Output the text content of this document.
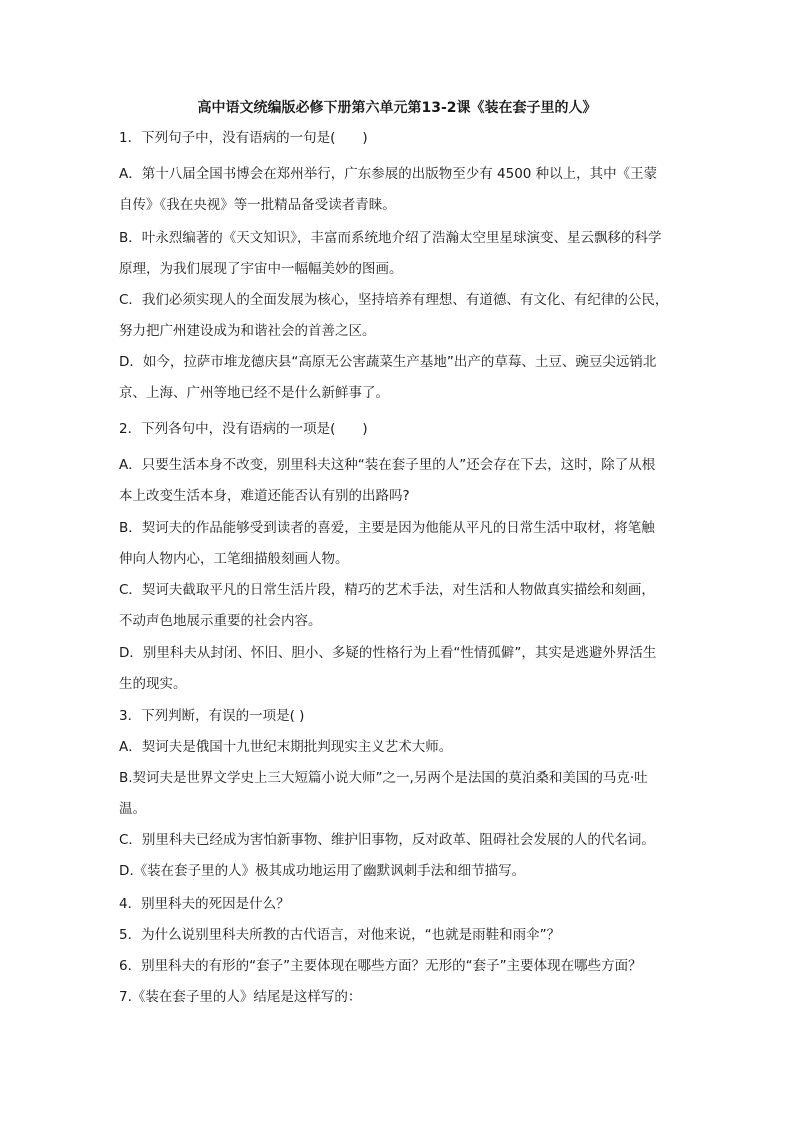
高中语文统编版必修下册第六单元第13-2课《装在套子里的人》
1．下列句子中，没有语病的一句是(　　)
A．第十八届全国书博会在郑州举行，广东参展的出版物至少有 4500 种以上，其中《王蒙
自传》《我在央视》等一批精品备受读者青睐。
B．叶永烈编著的《天文知识》，丰富而系统地介绍了浩瀚太空里星球演变、星云飘移的科学
原理，为我们展现了宇宙中一幅幅美妙的图画。
C．我们必须实现人的全面发展为核心，坚持培养有理想、有道德、有文化、有纪律的公民，
努力把广州建设成为和谐社会的首善之区。
D．如今，拉萨市堆龙德庆县“高原无公害蔬菜生产基地”出产的草莓、土豆、豌豆尖远销北
京、上海、广州等地已经不是什么新鲜事了。
2．下列各句中，没有语病的一项是(　　)
A．只要生活本身不改变，别里科夫这种“装在套子里的人”还会存在下去，这时，除了从根
本上改变生活本身，难道还能否认有别的出路吗?
B．契诃夫的作品能够受到读者的喜爱，主要是因为他能从平凡的日常生活中取材，将笔触
伸向人物内心，工笔细描般刻画人物。
C．契诃夫截取平凡的日常生活片段，精巧的艺术手法，对生活和人物做真实描绘和刻画，
不动声色地展示重要的社会内容。
D．别里科夫从封闭、怀旧、胆小、多疑的性格行为上看“性情孤僻”，其实是逃避外界活生
生的现实。
3．下列判断，有误的一项是( )
A．契诃夫是俄国十九世纪末期批判现实主义艺术大师。
B.契诃夫是世界文学史上三大短篇小说大师”之一,另两个是法国的莫泊桑和美国的马克·吐
温。
C．别里科夫已经成为害怕新事物、维护旧事物，反对政革、阻碍社会发展的人的代名词。
D.《装在套子里的人》极其成功地运用了幽默讽刺手法和细节描写。
4．别里科夫的死因是什么？
5．为什么说别里科夫所教的古代语言，对他来说，“也就是雨鞋和雨伞”？
6．别里科夫的有形的“套子”主要体现在哪些方面？无形的“套子”主要体现在哪些方面？
7.《装在套子里的人》结尾是这样写的：
